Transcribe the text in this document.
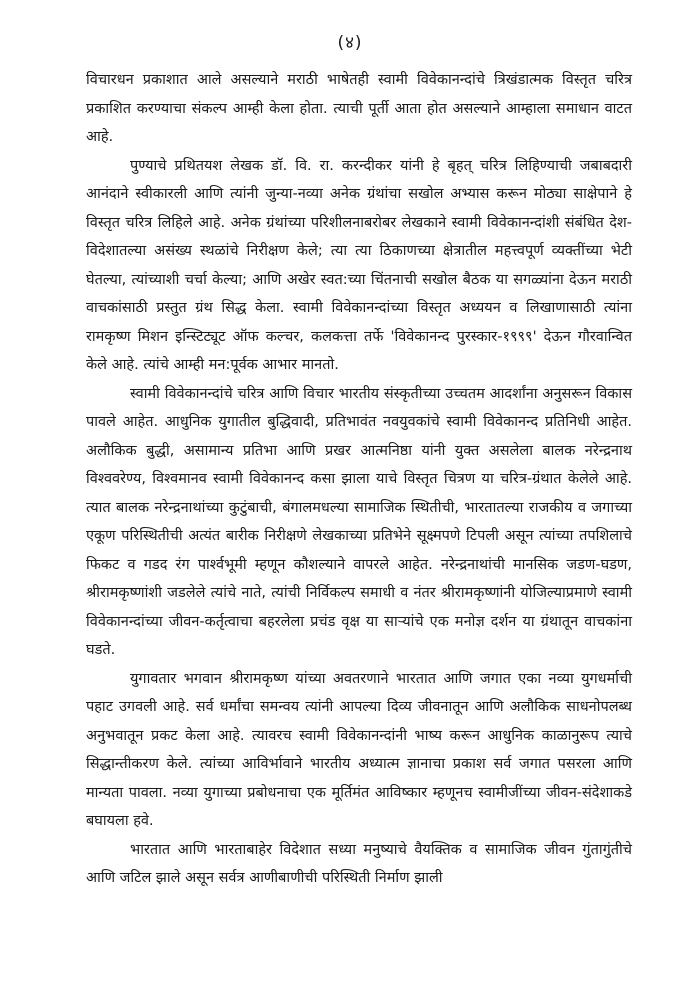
(४)

विचारधन प्रकाशात आले असल्याने मराठी भाषेतही स्वामी विवेकानन्दांचे त्रिखंडात्मक विस्तृत चरित्र प्रकाशित करण्याचा संकल्प आम्ही केला होता. त्याची पूर्ती आता होत असल्याने आम्हाला समाधान वाटत आहे.

पुण्याचे प्रथितयश लेखक डॉ. वि. रा. करन्दीकर यांनी हे बृहत् चरित्र लिहिण्याची जबाबदारी आनंदाने स्वीकारली आणि त्यांनी जुन्या-नव्या अनेक ग्रंथांचा सखोल अभ्यास करून मोठ्या साक्षेपाने हे विस्तृत चरित्र लिहिले आहे. अनेक ग्रंथांच्या परिशीलनाबरोबर लेखकाने स्वामी विवेकानन्दांशी संबंधित देश-विदेशातल्या असंख्य स्थळांचे निरीक्षण केले; त्या त्या ठिकाणच्या क्षेत्रातील महत्त्वपूर्ण व्यक्तींच्या भेटी घेतल्या, त्यांच्याशी चर्चा केल्या; आणि अखेर स्वत:च्या चिंतनाची सखोल बैठक या सगळ्यांना देऊन मराठी वाचकांसाठी प्रस्तुत ग्रंथ सिद्ध केला. स्वामी विवेकानन्दांच्या विस्तृत अध्ययन व लिखाणासाठी त्यांना रामकृष्ण मिशन इन्स्टिट्यूट ऑफ कल्चर, कलकत्ता तर्फे 'विवेकानन्द पुरस्कार-१९९९' देऊन गौरवान्वित केले आहे. त्यांचे आम्ही मन:पूर्वक आभार मानतो.

स्वामी विवेकानन्दांचे चरित्र आणि विचार भारतीय संस्कृतीच्या उच्चतम आदर्शांना अनुसरून विकास पावले आहेत. आधुनिक युगातील बुद्धिवादी, प्रतिभावंत नवयुवकांचे स्वामी विवेकानन्द प्रतिनिधी आहेत. अलौकिक बुद्धी, असामान्य प्रतिभा आणि प्रखर आत्मनिष्ठा यांनी युक्त असलेला बालक नरेन्द्रनाथ विश्ववरेण्य, विश्वमानव स्वामी विवेकानन्द कसा झाला याचे विस्तृत चित्रण या चरित्र-ग्रंथात केलेले आहे. त्यात बालक नरेन्द्रनाथांच्या कुटुंबाची, बंगालमधल्या सामाजिक स्थितीची, भारतातल्या राजकीय व जगाच्या एकूण परिस्थितीची अत्यंत बारीक निरीक्षणे लेखकाच्या प्रतिभेने सूक्ष्मपणे टिपली असून त्यांच्या तपशिलाचे फिकट व गडद रंग पार्श्वभूमी म्हणून कौशल्याने वापरले आहेत. नरेन्द्रनाथांची मानसिक जडण-घडण, श्रीरामकृष्णांशी जडलेले त्यांचे नाते, त्यांची निर्विकल्प समाधी व नंतर श्रीरामकृष्णांनी योजिल्याप्रमाणे स्वामी विवेकानन्दांच्या जीवन-कर्तृत्वाचा बहरलेला प्रचंड वृक्ष या साऱ्यांचे एक मनोज्ञ दर्शन या ग्रंथातून वाचकांना घडते.

युगावतार भगवान श्रीरामकृष्ण यांच्या अवतरणाने भारतात आणि जगात एका नव्या युगधर्माची पहाट उगवली आहे. सर्व धर्मांचा समन्वय त्यांनी आपल्या दिव्य जीवनातून आणि अलौकिक साधनोपलब्ध अनुभवातून प्रकट केला आहे. त्यावरच स्वामी विवेकानन्दांनी भाष्य करून आधुनिक काळानुरूप त्याचे सिद्धान्तीकरण केले. त्यांच्या आविर्भावाने भारतीय अध्यात्म ज्ञानाचा प्रकाश सर्व जगात पसरला आणि मान्यता पावला. नव्या युगाच्या प्रबोधनाचा एक मूर्तिमंत आविष्कार म्हणूनच स्वामीजींच्या जीवन-संदेशाकडे बघायला हवे.

भारतात आणि भारताबाहेर विदेशात सध्या मनुष्याचे वैयक्तिक व सामाजिक जीवन गुंतागुंतीचे आणि जटिल झाले असून सर्वत्र आणीबाणीची परिस्थिती निर्माण झाली
